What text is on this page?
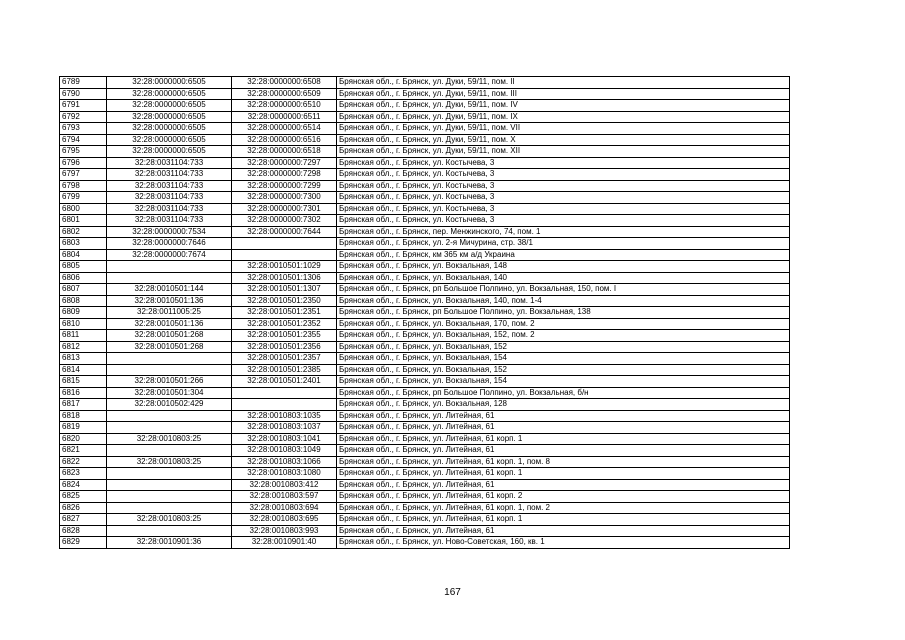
6789	32:28:0000000:6505	32:28:0000000:6508	Брянская обл., г. Брянск, ул. Дуки, 59/11, пом. II
6790	32:28:0000000:6505	32:28:0000000:6509	Брянская обл., г. Брянск, ул. Дуки, 59/11, пом. III
6791	32:28:0000000:6505	32:28:0000000:6510	Брянская обл., г. Брянск, ул. Дуки, 59/11, пом. IV
6792	32:28:0000000:6505	32:28:0000000:6511	Брянская обл., г. Брянск, ул. Дуки, 59/11, пом. IX
6793	32:28:0000000:6505	32:28:0000000:6514	Брянская обл., г. Брянск, ул. Дуки, 59/11, пом. VII
6794	32:28:0000000:6505	32:28:0000000:6516	Брянская обл., г. Брянск, ул. Дуки, 59/11, пом. X
6795	32:28:0000000:6505	32:28:0000000:6518	Брянская обл., г. Брянск, ул. Дуки, 59/11, пом. XII
6796	32:28:0031104:733	32:28:0000000:7297	Брянская обл., г. Брянск, ул. Костычева, 3
6797	32:28:0031104:733	32:28:0000000:7298	Брянская обл., г. Брянск, ул. Костычева, 3
6798	32:28:0031104:733	32:28:0000000:7299	Брянская обл., г. Брянск, ул. Костычева, 3
6799	32:28:0031104:733	32:28:0000000:7300	Брянская обл., г. Брянск, ул. Костычева, 3
6800	32:28:0031104:733	32:28:0000000:7301	Брянская обл., г. Брянск, ул. Костычева, 3
6801	32:28:0031104:733	32:28:0000000:7302	Брянская обл., г. Брянск, ул. Костычева, 3
6802	32:28:0000000:7534	32:28:0000000:7644	Брянская обл., г. Брянск, пер. Менжинского, 74, пом. 1
6803	32:28:0000000:7646		Брянская обл., г. Брянск, ул. 2-я Мичурина, стр. 38/1
6804	32:28:0000000:7674		Брянская обл., г. Брянск, км 365 км а/д Украина
6805		32:28:0010501:1029	Брянская обл., г. Брянск, ул. Вокзальная, 148
6806		32:28:0010501:1306	Брянская обл., г. Брянск, ул. Вокзальная, 140
6807	32:28:0010501:144	32:28:0010501:1307	Брянская обл., г. Брянск, рп Большое Полпино, ул. Вокзальная, 150, пом. I
6808	32:28:0010501:136	32:28:0010501:2350	Брянская обл., г. Брянск, ул. Вокзальная, 140, пом. 1-4
6809	32:28:0011005:25	32:28:0010501:2351	Брянская обл., г. Брянск, рп Большое Полпино, ул. Вокзальная, 138
6810	32:28:0010501:136	32:28:0010501:2352	Брянская обл., г. Брянск, ул. Вокзальная, 170, пом. 2
6811	32:28:0010501:268	32:28:0010501:2355	Брянская обл., г. Брянск, ул. Вокзальная, 152, пом. 2
6812	32:28:0010501:268	32:28:0010501:2356	Брянская обл., г. Брянск, ул. Вокзальная, 152
6813		32:28:0010501:2357	Брянская обл., г. Брянск, ул. Вокзальная, 154
6814		32:28:0010501:2385	Брянская обл., г. Брянск, ул. Вокзальная, 152
6815	32:28:0010501:266	32:28:0010501:2401	Брянская обл., г. Брянск, ул. Вокзальная, 154
6816	32:28:0010501:304		Брянская обл., г. Брянск, рп Большое Полпино, ул. Вокзальная, б/н
6817	32:28:0010502:429		Брянская обл., г. Брянск, ул. Вокзальная, 128
6818		32:28:0010803:1035	Брянская обл., г. Брянск, ул. Литейная, 61
6819		32:28:0010803:1037	Брянская обл., г. Брянск, ул. Литейная, 61
6820	32:28:0010803:25	32:28:0010803:1041	Брянская обл., г. Брянск, ул. Литейная, 61 корп. 1
6821		32:28:0010803:1049	Брянская обл., г. Брянск, ул. Литейная, 61
6822	32:28:0010803:25	32:28:0010803:1066	Брянская обл., г. Брянск, ул. Литейная, 61 корп. 1, пом. 8
6823		32:28:0010803:1080	Брянская обл., г. Брянск, ул. Литейная, 61 корп. 1
6824		32:28:0010803:412	Брянская обл., г. Брянск, ул. Литейная, 61
6825		32:28:0010803:597	Брянская обл., г. Брянск, ул. Литейная, 61 корп. 2
6826		32:28:0010803:694	Брянская обл., г. Брянск, ул. Литейная, 61 корп. 1, пом. 2
6827	32:28:0010803:25	32:28:0010803:695	Брянская обл., г. Брянск, ул. Литейная, 61 корп. 1
6828		32:28:0010803:993	Брянская обл., г. Брянск, ул. Литейная, 61
6829	32:28:0010901:36	32:28:0010901:40	Брянская обл., г. Брянск, ул. Ново-Советская, 160, кв. 1
167
